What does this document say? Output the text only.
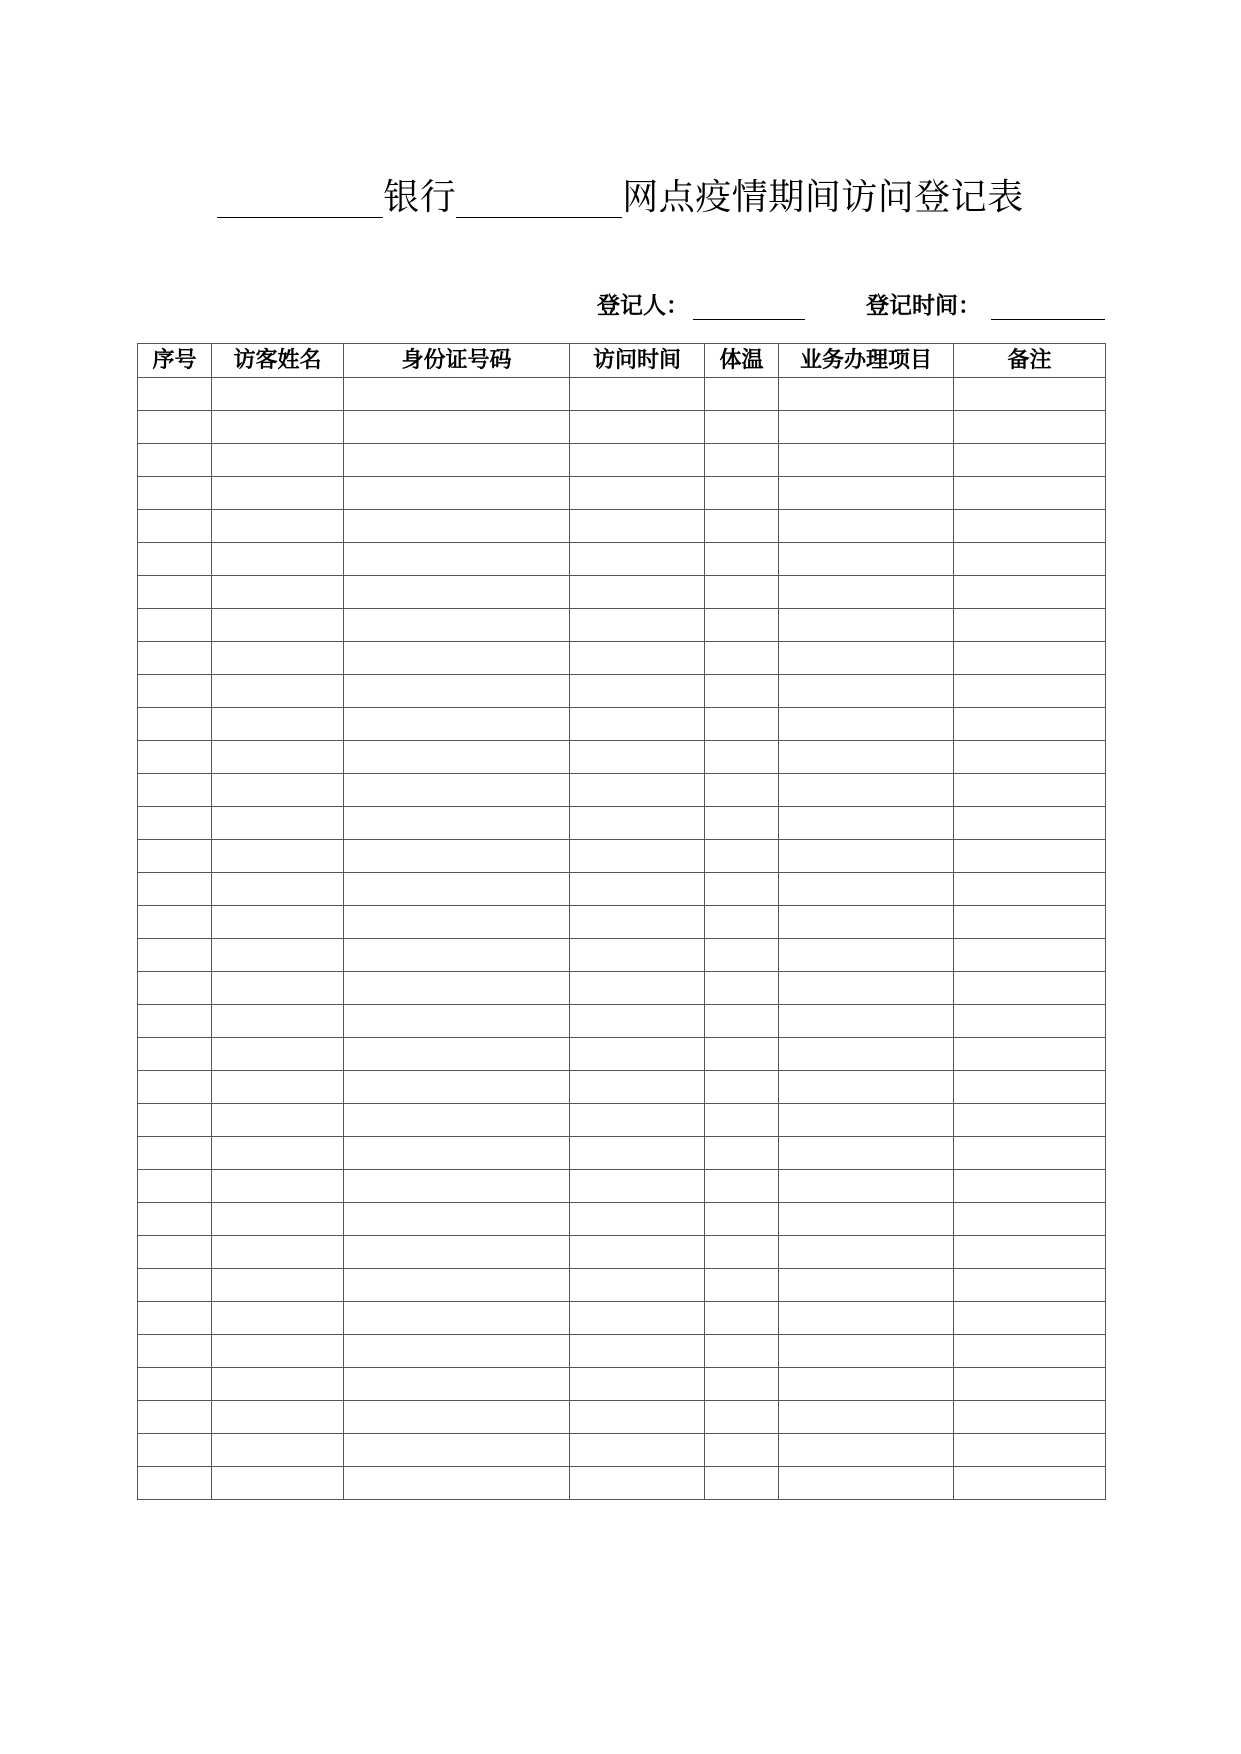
银行	网点疫情期间访问登记表
登记人：	登记时间：
序号	访客姓名	身份证号码	访问时间	体温	业务办理项目	备注
